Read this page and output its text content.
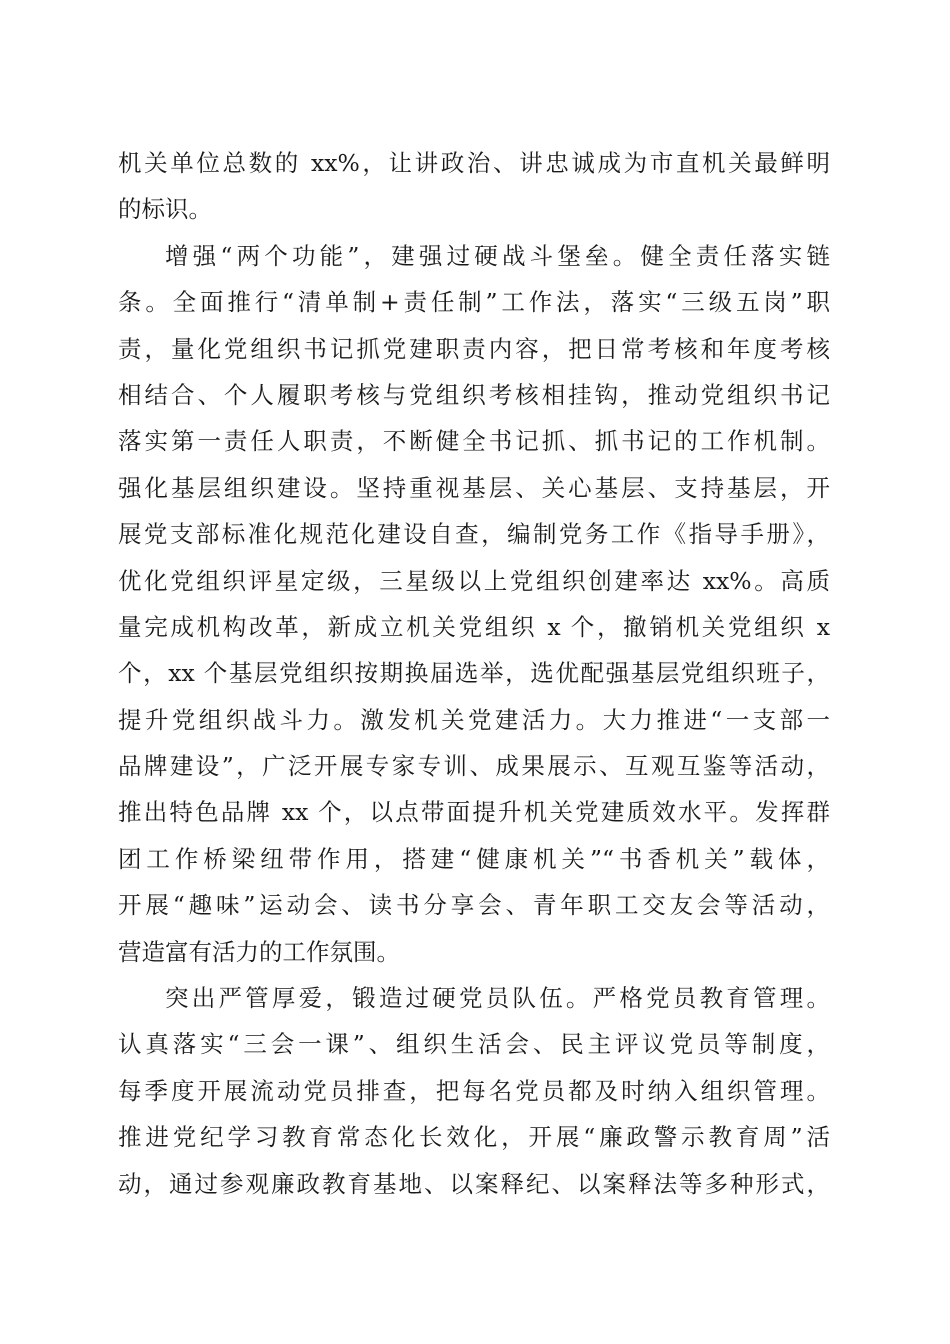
机关单位总数的 xx%，让讲政治、讲忠诚成为市直机关最鲜明
的标识。
增强“两个功能”，建强过硬战斗堡垒。健全责任落实链
条。全面推行“清单制+责任制”工作法，落实“三级五岗”职
责，量化党组织书记抓党建职责内容，把日常考核和年度考核
相结合、个人履职考核与党组织考核相挂钩，推动党组织书记
落实第一责任人职责，不断健全书记抓、抓书记的工作机制。
强化基层组织建设。坚持重视基层、关心基层、支持基层，开
展党支部标准化规范化建设自查，编制党务工作《指导手册》，
优化党组织评星定级，三星级以上党组织创建率达 xx%。高质
量完成机构改革，新成立机关党组织 x 个，撤销机关党组织 x
个，xx 个基层党组织按期换届选举，选优配强基层党组织班子，
提升党组织战斗力。激发机关党建活力。大力推进“一支部一
品牌建设”，广泛开展专家专训、成果展示、互观互鉴等活动，
推出特色品牌 xx 个，以点带面提升机关党建质效水平。发挥群
团工作桥梁纽带作用，搭建“健康机关”“书香机关”载体，
开展“趣味”运动会、读书分享会、青年职工交友会等活动，
营造富有活力的工作氛围。
突出严管厚爱，锻造过硬党员队伍。严格党员教育管理。
认真落实“三会一课”、组织生活会、民主评议党员等制度，
每季度开展流动党员排查，把每名党员都及时纳入组织管理。
推进党纪学习教育常态化长效化，开展“廉政警示教育周”活
动，通过参观廉政教育基地、以案释纪、以案释法等多种形式，
